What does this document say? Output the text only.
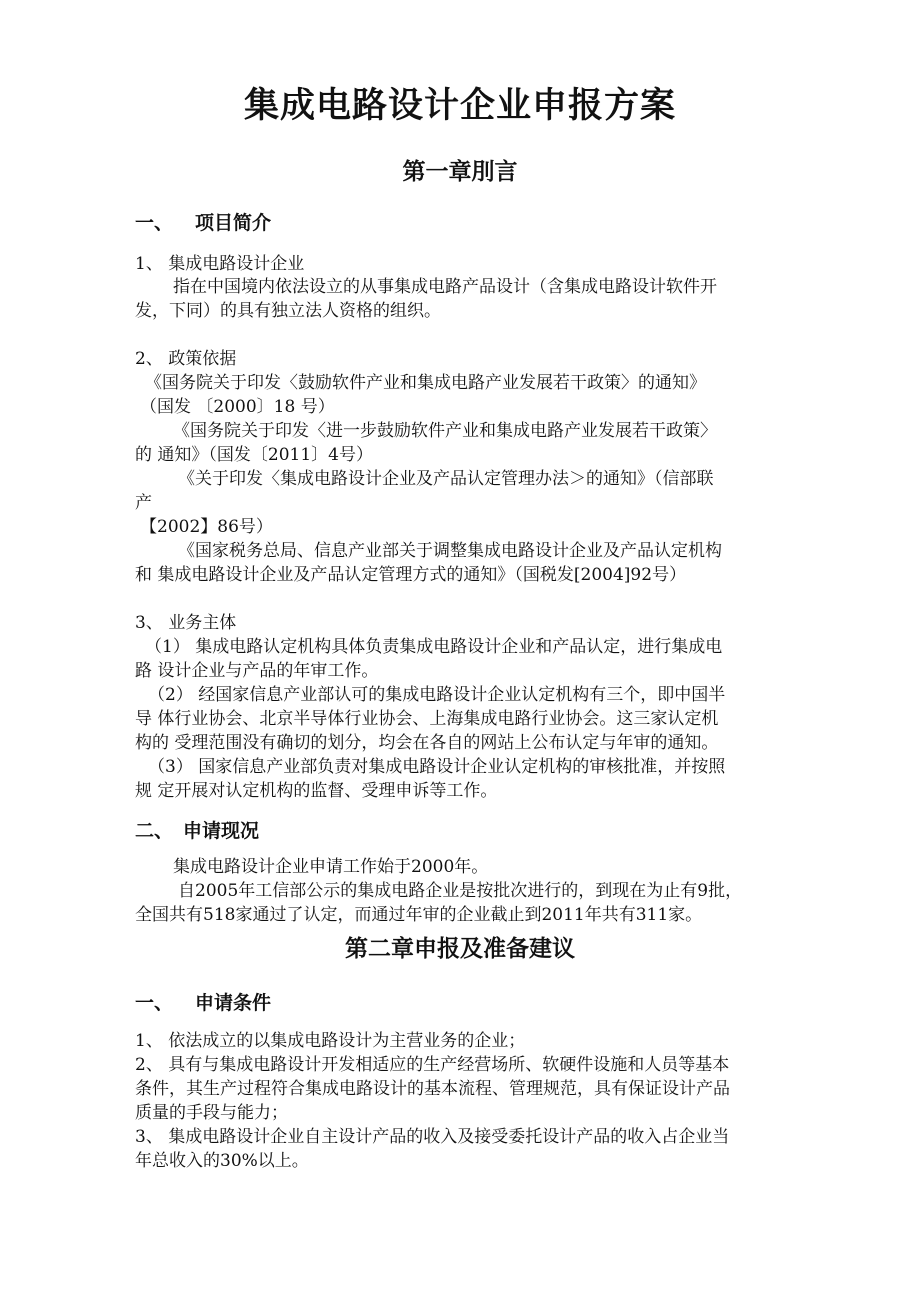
集成电路设计企业申报方案
第一章刖言
一、 项目简介
1、 集成电路设计企业
指在中国境内依法设立的从事集成电路产品设计（含集成电路设计软件开
发，下同）的具有独立法人资格的组织。
2、 政策依据
《国务院关于印发〈鼓励软件产业和集成电路产业发展若干政策〉的通知》
（国发 〔2000〕18 号）
《国务院关于印发〈进一步鼓励软件产业和集成电路产业发展若干政策〉
的 通知》（国发〔2011〕4号）
《关于印发〈集成电路设计企业及产品认定管理办法＞的通知》（信部联
产
【2002】86号）
《国家税务总局、信息产业部关于调整集成电路设计企业及产品认定机构
和 集成电路设计企业及产品认定管理方式的通知》（国税发[2004]92号）
3、 业务主体
（1） 集成电路认定机构具体负责集成电路设计企业和产品认定，进行集成电
路 设计企业与产品的年审工作。
（2） 经国家信息产业部认可的集成电路设计企业认定机构有三个，即中国半
导 体行业协会、北京半导体行业协会、上海集成电路行业协会。这三家认定机
构的 受理范围没有确切的划分，均会在各自的网站上公布认定与年审的通知。
（3） 国家信息产业部负责对集成电路设计企业认定机构的审核批准，并按照
规 定开展对认定机构的监督、受理申诉等工作。
二、 申请现况
集成电路设计企业申请工作始于2000年。
自2005年工信部公示的集成电路企业是按批次进行的，到现在为止有9批，
全国共有518家通过了认定，而通过年审的企业截止到2011年共有311家。
第二章申报及准备建议
一、 申请条件
1、 依法成立的以集成电路设计为主营业务的企业；
2、 具有与集成电路设计开发相适应的生产经营场所、软硬件设施和人员等基本
条件，其生产过程符合集成电路设计的基本流程、管理规范，具有保证设计产品
质量的手段与能力；
3、 集成电路设计企业自主设计产品的收入及接受委托设计产品的收入占企业当
年总收入的30%以上。
